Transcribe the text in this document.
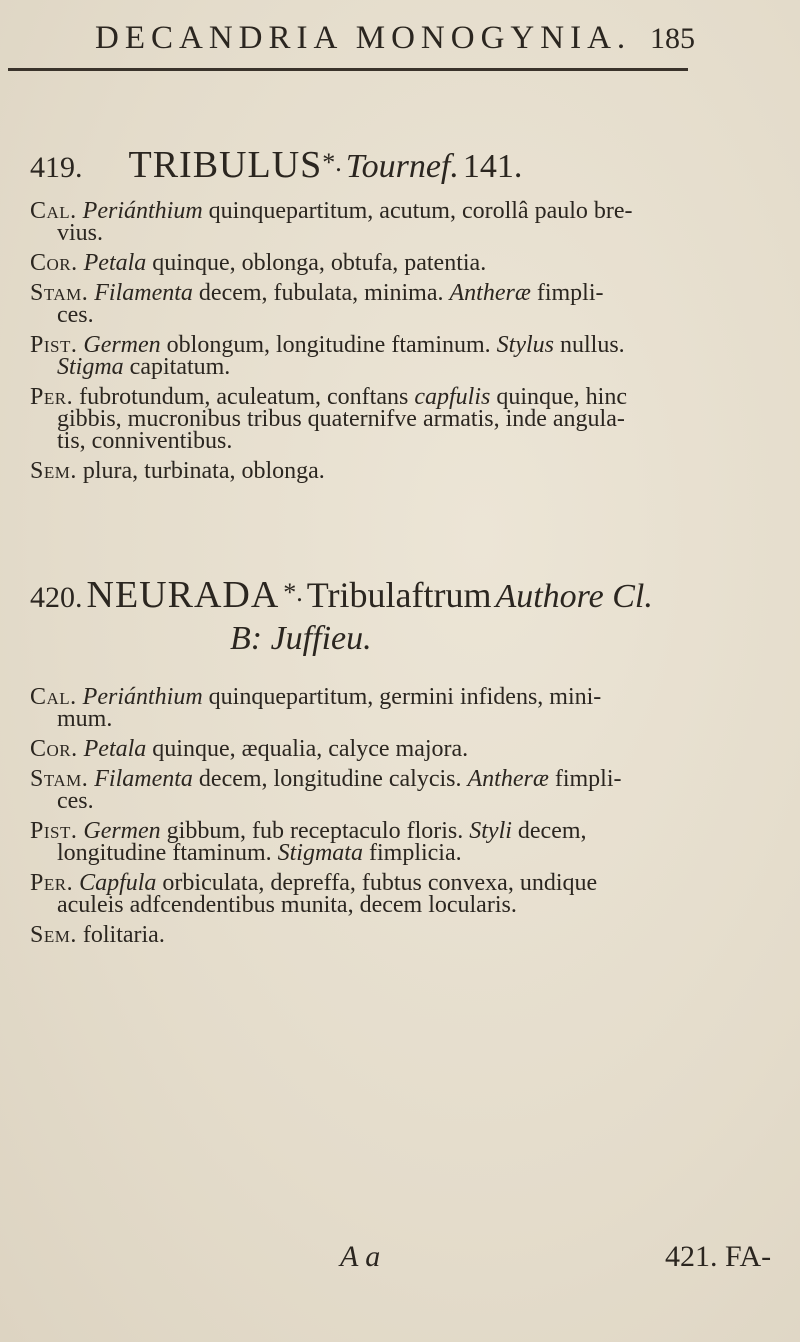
DECANDRIA MONOGYNIA. 185
419. TRIBULUS*. Tournef. 141.
Cal. Periánthium quinquepartitum, acutum, corollâ paulo bre-
vius.
Cor. Petala quinque, oblonga, obtufa, patentia.
Stam. Filamenta decem, fubulata, minima. Antheræ fimpli-
ces.
Pist. Germen oblongum, longitudine ftaminum. Stylus nullus.
Stigma capitatum.
Per. fubrotundum, aculeatum, conftans capfulis quinque, hinc
gibbis, mucronibus tribus quaternifve armatis, inde angula-
tis, conniventibus.
Sem. plura, turbinata, oblonga.
420. NEURADA *. Tribulaftrum Authore Cl.
B: Juffieu.
Cal. Periánthium quinquepartitum, germini infidens, mini-
mum.
Cor. Petala quinque, æqualia, calyce majora.
Stam. Filamenta decem, longitudine calycis. Antheræ fimpli-
ces.
Pist. Germen gibbum, fub receptaculo floris. Styli decem,
longitudine ftaminum. Stigmata fimplicia.
Per. Capfula orbiculata, depreffa, fubtus convexa, undique
aculeis adfcendentibus munita, decem locularis.
Sem. folitaria.
A a	421. FA-
